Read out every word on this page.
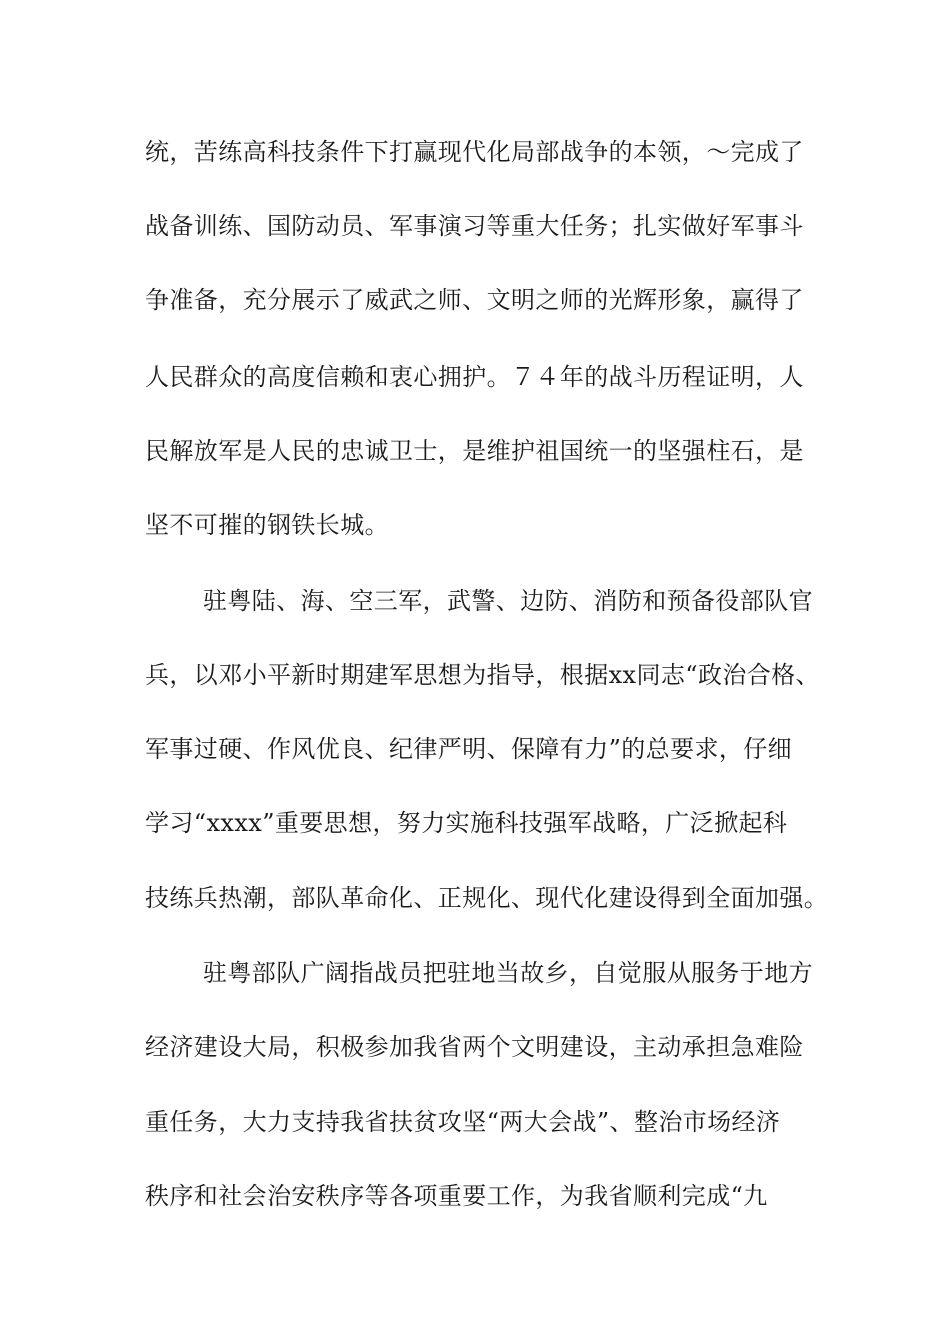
统，苦练高科技条件下打赢现代化局部战争的本领，～完成了
战备训练、国防动员、军事演习等重大任务；扎实做好军事斗
争准备，充分展示了威武之师、文明之师的光辉形象，赢得了
人民群众的高度信赖和衷心拥护。７４年的战斗历程证明，人
民解放军是人民的忠诚卫士，是维护祖国统一的坚强柱石，是
坚不可摧的钢铁长城。
驻粤陆、海、空三军，武警、边防、消防和预备役部队官
兵，以邓小平新时期建军思想为指导，根据xx同志“政治合格、
军事过硬、作风优良、纪律严明、保障有力”的总要求，仔细
学习“xxxx”重要思想，努力实施科技强军战略，广泛掀起科
技练兵热潮，部队革命化、正规化、现代化建设得到全面加强。
驻粤部队广阔指战员把驻地当故乡，自觉服从服务于地方
经济建设大局，积极参加我省两个文明建设，主动承担急难险
重任务，大力支持我省扶贫攻坚“两大会战”、整治市场经济
秩序和社会治安秩序等各项重要工作，为我省顺利完成“九
